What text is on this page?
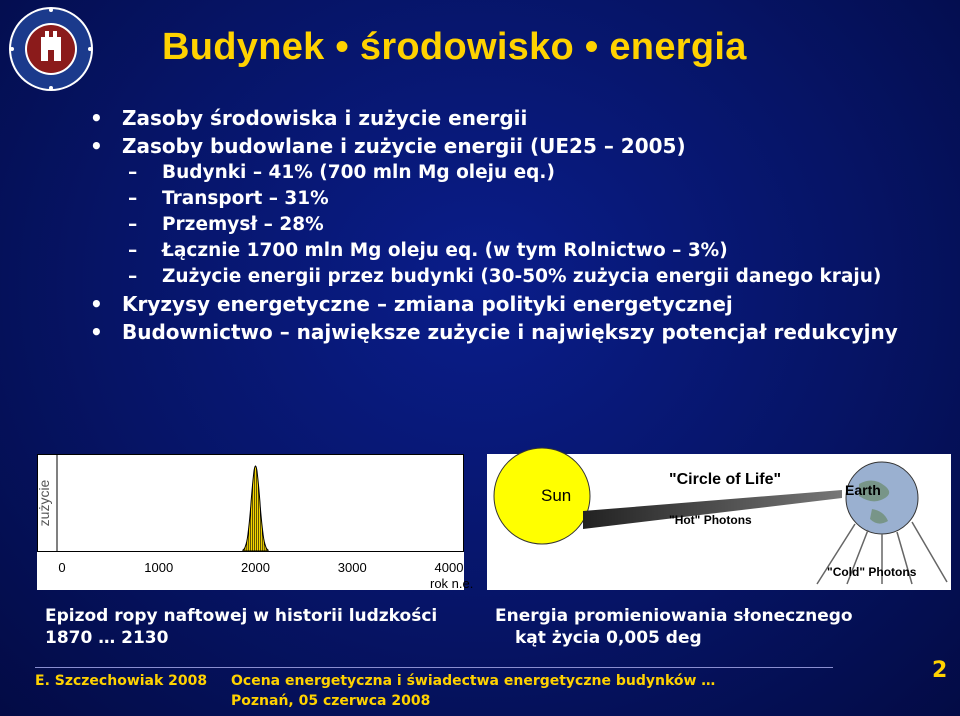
Budynek • środowisko • energia
• Zasoby środowiska i zużycie energii
• Zasoby budowlane i zużycie energii (UE25 – 2005)
– Budynki – 41% (700 mln Mg oleju eq.)
– Transport – 31%
– Przemysł – 28%
– Łącznie 1700 mln Mg oleju eq. (w tym Rolnictwo – 3%)
– Zużycie energii przez budynki (30-50% zużycia energii danego kraju)
• Kryzysy energetyczne – zmiana polityki energetycznej
• Budownictwo – największe zużycie i największy potencjał redukcyjny
zużycie
0	1000	2000	3000	4000
rok n.e.
Sun
"Hot" Photons
"Circle of Life"
Earth
"Cold" Photons
Epizod ropy naftowej w historii ludzkości
1870 … 2130
Energia promieniowania słonecznego
kąt życia 0,005 deg
E. Szczechowiak 2008 Ocena energetyczna i świadectwa energetyczne budynków …
Poznań, 05 czerwca 2008
2
